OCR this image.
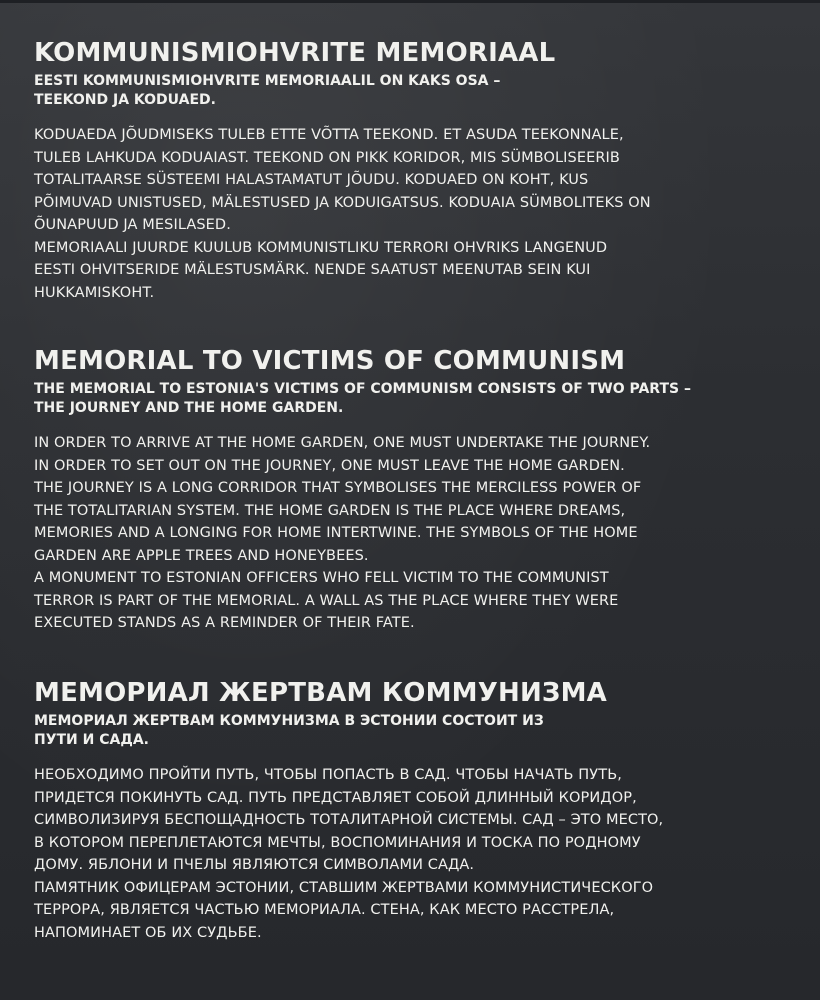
KOMMUNISMIOHVRITE MEMORIAAL
EESTI KOMMUNISMIOHVRITE MEMORIAALIL ON KAKS OSA –
TEEKOND JA KODUAED.
KODUAEDA JÕUDMISEKS TULEB ETTE VÕTTA TEEKOND. ET ASUDA TEEKONNALE,
TULEB LAHKUDA KODUAIAST. TEEKOND ON PIKK KORIDOR, MIS SÜMBOLISEERIB
TOTALITAARSE SÜSTEEMI HALASTAMATUT JÕUDU. KODUAED ON KOHT, KUS
PÕIMUVAD UNISTUSED, MÄLESTUSED JA KODUIGATSUS. KODUAIA SÜMBOLITEKS ON
ÕUNAPUUD JA MESILASED.
MEMORIAALI JUURDE KUULUB KOMMUNISTLIKU TERRORI OHVRIKS LANGENUD
EESTI OHVITSERIDE MÄLESTUSMÄRK. NENDE SAATUST MEENUTAB SEIN KUI
HUKKAMISKOHT.
MEMORIAL TO VICTIMS OF COMMUNISM
THE MEMORIAL TO ESTONIA'S VICTIMS OF COMMUNISM CONSISTS OF TWO PARTS –
THE JOURNEY AND THE HOME GARDEN.
IN ORDER TO ARRIVE AT THE HOME GARDEN, ONE MUST UNDERTAKE THE JOURNEY.
IN ORDER TO SET OUT ON THE JOURNEY, ONE MUST LEAVE THE HOME GARDEN.
THE JOURNEY IS A LONG CORRIDOR THAT SYMBOLISES THE MERCILESS POWER OF
THE TOTALITARIAN SYSTEM. THE HOME GARDEN IS THE PLACE WHERE DREAMS,
MEMORIES AND A LONGING FOR HOME INTERTWINE. THE SYMBOLS OF THE HOME
GARDEN ARE APPLE TREES AND HONEYBEES.
A MONUMENT TO ESTONIAN OFFICERS WHO FELL VICTIM TO THE COMMUNIST
TERROR IS PART OF THE MEMORIAL. A WALL AS THE PLACE WHERE THEY WERE
EXECUTED STANDS AS A REMINDER OF THEIR FATE.
МЕМОРИАЛ ЖЕРТВАМ КОММУНИЗМА
МЕМОРИАЛ ЖЕРТВАМ КОММУНИЗМА В ЭСТОНИИ СОСТОИТ ИЗ
ПУТИ И САДА.
НЕОБХОДИМО ПРОЙТИ ПУТЬ, ЧТОБЫ ПОПАСТЬ В САД. ЧТОБЫ НАЧАТЬ ПУТЬ,
ПРИДЕТСЯ ПОКИНУТЬ САД. ПУТЬ ПРЕДСТАВЛЯЕТ СОБОЙ ДЛИННЫЙ КОРИДОР,
СИМВОЛИЗИРУЯ БЕСПОЩАДНОСТЬ ТОТАЛИТАРНОЙ СИСТЕМЫ. САД – ЭТО МЕСТО,
В КОТОРОМ ПЕРЕПЛЕТАЮТСЯ МЕЧТЫ, ВОСПОМИНАНИЯ И ТОСКА ПО РОДНОМУ
ДОМУ. ЯБЛОНИ И ПЧЕЛЫ ЯВЛЯЮТСЯ СИМВОЛАМИ САДА.
ПАМЯТНИК ОФИЦЕРАМ ЭСТОНИИ, СТАВШИМ ЖЕРТВАМИ КОММУНИСТИЧЕСКОГО
ТЕРРОРА, ЯВЛЯЕТСЯ ЧАСТЬЮ МЕМОРИАЛА. СТЕНА, КАК МЕСТО РАССТРЕЛА,
НАПОМИНАЕТ ОБ ИХ СУДЬБЕ.
